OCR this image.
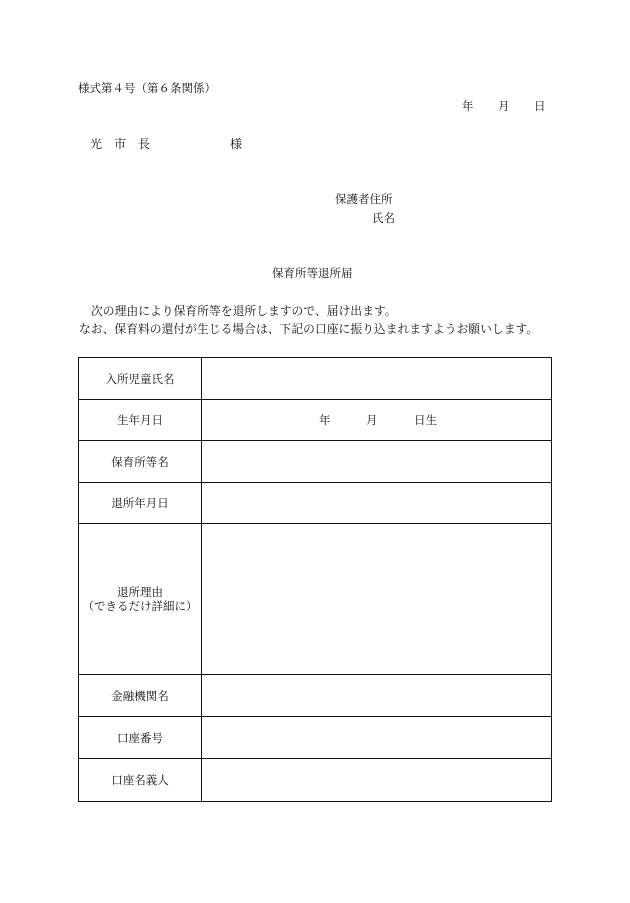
様式第４号（第６条関係）
年 月 日
光　市　長	様
保護者住所
氏名
保育所等退所届
次の理由により保育所等を退所しますので、届け出ます。
なお、保育料の還付が生じる場合は、下記の口座に振り込まれますようお願いします。
入所児童氏名
生年月日	年	月	日生
保育所等名
退所年月日
退所理由
（できるだけ詳細に）
金融機関名
口座番号
口座名義人
